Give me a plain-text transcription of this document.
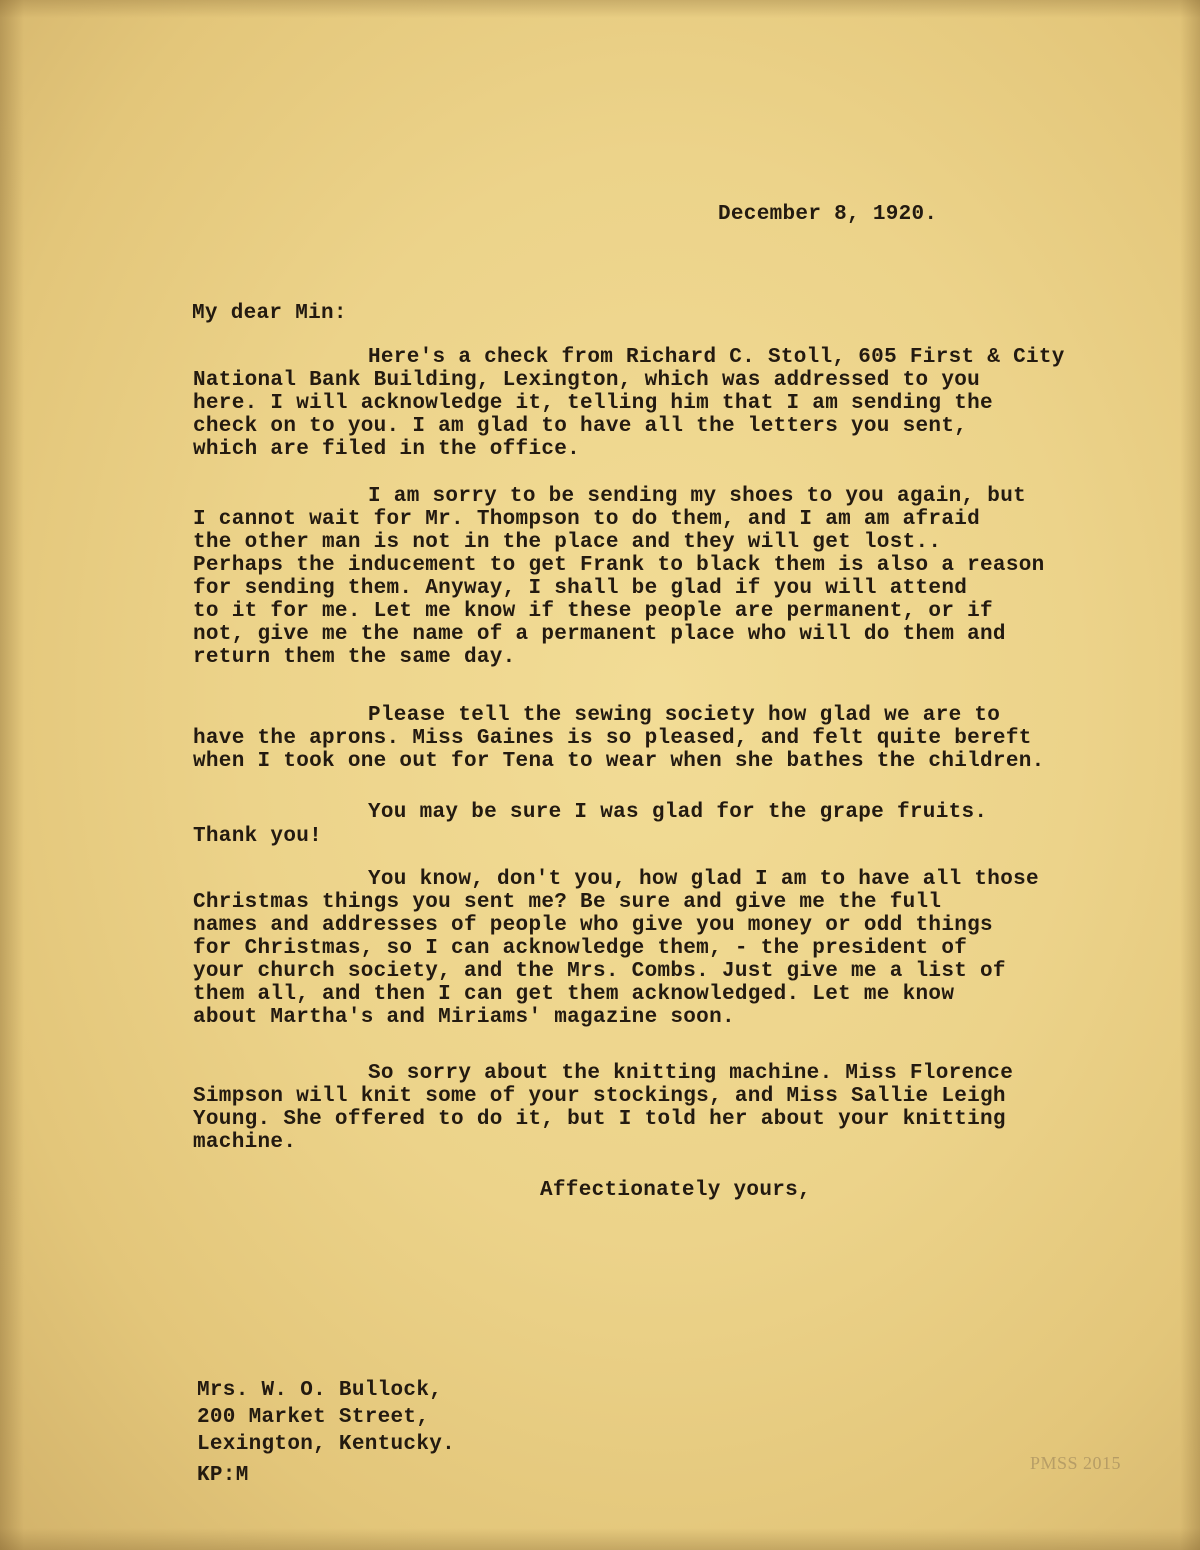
December 8, 1920.
My dear Min:
Here's a check from Richard C. Stoll, 605 First & City
National Bank Building, Lexington, which was addressed to you
here. I will acknowledge it, telling him that I am sending the
check on to you. I am glad to have all the letters you sent,
which are filed in the office.
I am sorry to be sending my shoes to you again, but
I cannot wait for Mr. Thompson to do them, and I am am afraid
the other man is not in the place and they will get lost..
Perhaps the inducement to get Frank to black them is also a reason
for sending them. Anyway, I shall be glad if you will attend
to it for me. Let me know if these people are permanent, or if
not, give me the name of a permanent place who will do them and
return them the same day.
Please tell the sewing society how glad we are to
have the aprons. Miss Gaines is so pleased, and felt quite bereft
when I took one out for Tena to wear when she bathes the children.
You may be sure I was glad for the grape fruits.
Thank you!
You know, don't you, how glad I am to have all those
Christmas things you sent me? Be sure and give me the full
names and addresses of people who give you money or odd things
for Christmas, so I can acknowledge them, - the president of
your church society, and the Mrs. Combs. Just give me a list of
them all, and then I can get them acknowledged. Let me know
about Martha's and Miriams' magazine soon.
So sorry about the knitting machine. Miss Florence
Simpson will knit some of your stockings, and Miss Sallie Leigh
Young. She offered to do it, but I told her about your knitting
machine.
Affectionately yours,
Mrs. W. O. Bullock,
200 Market Street,
Lexington, Kentucky.
KP:M
PMSS 2015
